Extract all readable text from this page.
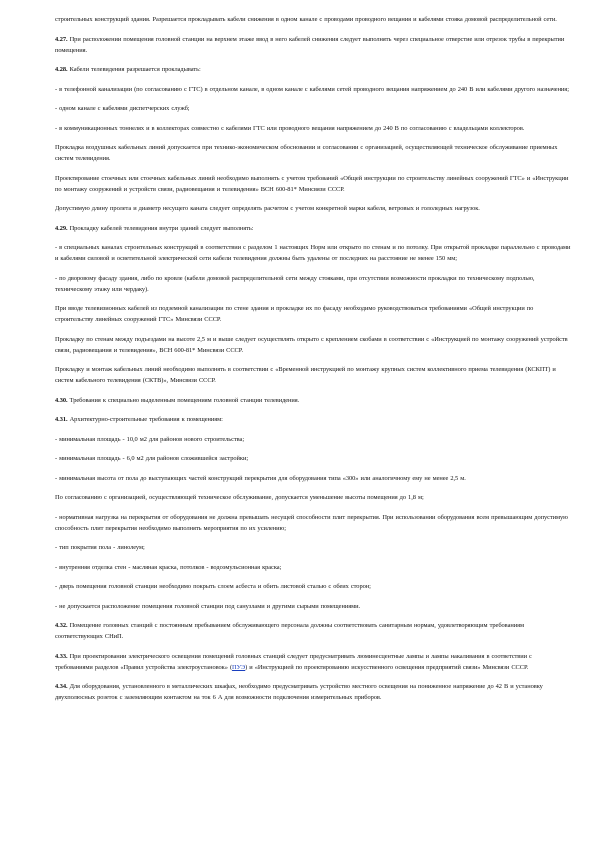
строительных конструкций здания. Разрешается прокладывать кабели снижения в одном канале с проводами проводного вещания и кабелями стояка домовой распределительной сети.

4.27. При расположении помещения головной станции на верхнем этаже ввод в него кабелей снижения следует выполнять через специальное отверстие или отрезок трубы в перекрытии помещения.

4.28. Кабели телевидения разрешается прокладывать:

- в телефонной канализации (по согласованию с ГТС) в отдельном канале, в одном канале с кабелями сетей проводного вещания напряжением до 240 В или кабелями другого назначения;

- одном канале с кабелями диспетчерских служб;

- в коммуникационных тоннелях и в коллекторах совместно с кабелями ГТС или проводного вещания напряжением до 240 В по согласованию с владельцами коллекторов.

Прокладка воздушных кабельных линий допускается при технико-экономическом обосновании и согласовании с организацией, осуществляющей техническое обслуживание приемных систем телевидения.

Проектирование стоечных или стоечных кабельных линий необходимо выполнять с учетом требований «Общей инструкции по строительству линейных сооружений ГТС» и «Инструкции по монтажу сооружений и устройств связи, радиовещания и телевидения» ВСН 600-81* Минсвязи СССР.

Допустимую длину пролета и диаметр несущего каната следует определять расчетом с учетом конкретной марки кабеля, ветровых и гололедных нагрузок.

4.29. Прокладку кабелей телевидения внутри зданий следует выполнять:

- в специальных каналах строительных конструкций в соответствии с разделом 1 настоящих Норм или открыто по стенам и по потолку. При открытой прокладке параллельно с проводами и кабелями силовой и осветительной электрической сети кабели телевидения должны быть удалены от последних на расстояние не менее 150 мм;

- по дворовому фасаду здания, либо по кровле (кабели домовой распределительной сети между стояками, при отсутствии возможности прокладки по техническому подполью, техническому этажу или чердаку).

При вводе телевизионных кабелей из подземной канализации по стене здания и прокладке их по фасаду необходимо руководствоваться требованиями «Общей инструкции по строительству линейных сооружений ГТС» Минсвязи СССР.

Прокладку по стенам между подъездами на высоте 2,5 м и выше следует осуществлять открыто с креплением скобами в соответствии с «Инструкцией по монтажу сооружений устройств связи, радиовещания и телевидения», ВСН 600-81* Минсвязи СССР.

Прокладку и монтаж кабельных линий необходимо выполнять в соответствии с «Временной инструкцией по монтажу крупных систем коллективного приема телевидения (КСКПТ) и систем кабельного телевидения (СКТВ)», Минсвязи СССР.

4.30. Требования к специально выделенным помещениям головной станции телевидения.

4.31. Архитектурно-строительные требования к помещениям:

- минимальная площадь - 10,0 м2 для районов нового строительства;

- минимальная площадь - 6,0 м2 для районов сложившейся застройки;

- минимальная высота от пола до выступающих частей конструкций перекрытия для оборудования типа «300» или аналогичному ему не менее 2,5 м.

По согласованию с организацией, осуществляющей техническое обслуживание, допускается уменьшение высоты помещения до 1,8 м;

- нормативная нагрузка на перекрытия от оборудования не должна превышать несущей способности плит перекрытия. При использовании оборудования всем превышающим допустимую способность плит перекрытия необходимо выполнять мероприятия по их усилению;

- тип покрытия пола - линолеум;

- внутренняя отделка стен - масляная краска, потолков - водоэмульсионная краска;

- дверь помещения головной станции необходимо покрыть слоем асбеста и обить листовой сталью с обеих сторон;

- не допускается расположение помещения головной станции под санузлами и другими сырыми помещениями.

4.32. Помещение головных станций с постоянным пребыванием обслуживающего персонала должны соответствовать санитарным нормам, удовлетворяющим требованиям соответствующих СНиП.

4.33. При проектировании электрического освещения помещений головных станций следует предусматривать люминесцентные лампы и лампы накаливания в соответствии с требованиями разделов «Правил устройства электроустановок» (ПУЭ) и «Инструкцией по проектированию искусственного освещения предприятий связи» Минсвязи СССР.

4.34. Для оборудования, установленного в металлических шкафах, необходимо предусматривать устройство местного освещения на пониженное напряжение до 42 В и установку двухполюсных розеток с заземляющим контактом на ток 6 А для возможности подключения измерительных приборов.
